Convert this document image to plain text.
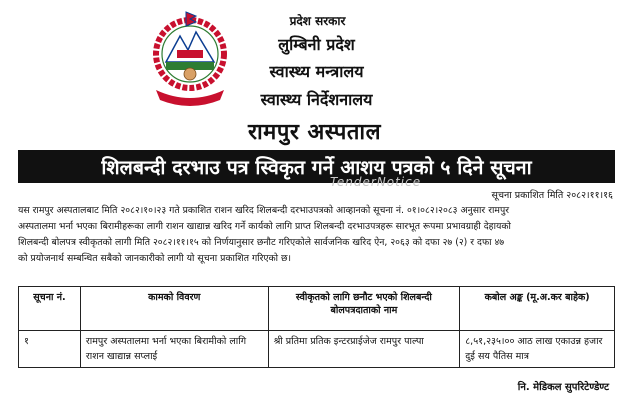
प्रदेश सरकार
लुम्बिनी प्रदेश
स्वास्थ्य मन्त्रालय
स्वास्थ्य निर्देशनालय
रामपुर अस्पताल
शिलबन्दी दरभाउ पत्र स्विकृत गर्ने आशय पत्रको ५ दिने सूचना
TenderNotice
सूचना प्रकाशित मिति २०८२।११।१६
यस रामपुर अस्पतालबाट मिति २०८२।१०।२३ गते प्रकाशित राशन खरिद शिलबन्दी दरभाउपत्रको आव्हानको सूचना नं. ०१।०८२।२०८३ अनुसार रामपुर
अस्पतालमा भर्ना भएका बिरामीहरूका लागी राशन खाद्यान्न खरिद गर्ने कार्यको लागि प्राप्त शिलबन्दी दरभाउपत्रहरू सारभूत रूपमा प्रभावग्राही देहायको
शिलबन्दी बोलपत्र स्वीकृतको लागी मिति २०८२।११।१५ को निर्णयानुसार छनौट गरिएकोले सार्वजनिक खरिद ऐन, २०६३ को दफा २७ (२) र दफा ४७
को प्रयोजनार्थ सम्बन्धित सबैको जानकारीको लागी यो सूचना प्रकाशित गरिएको छ।
सूचना नं.	कामको विवरण	स्वीकृतको लागि छनौट भएको शिलबन्दी बोलपत्रदाताको नाम	कबोल अङ्क (मू.अ.कर बाहेक)
१	रामपुर अस्पतालमा भर्ना भएका बिरामीको लागि राशन खाद्यान्न सप्लाई	श्री प्रतिमा प्रतिक इन्टरप्राईजेज रामपुर पाल्पा	८,५१,२३५।०० आठ लाख एकाउन्न हजार दुई सय पैतिस मात्र
नि. मेडिकल सुपरिटेण्डेण्ट
